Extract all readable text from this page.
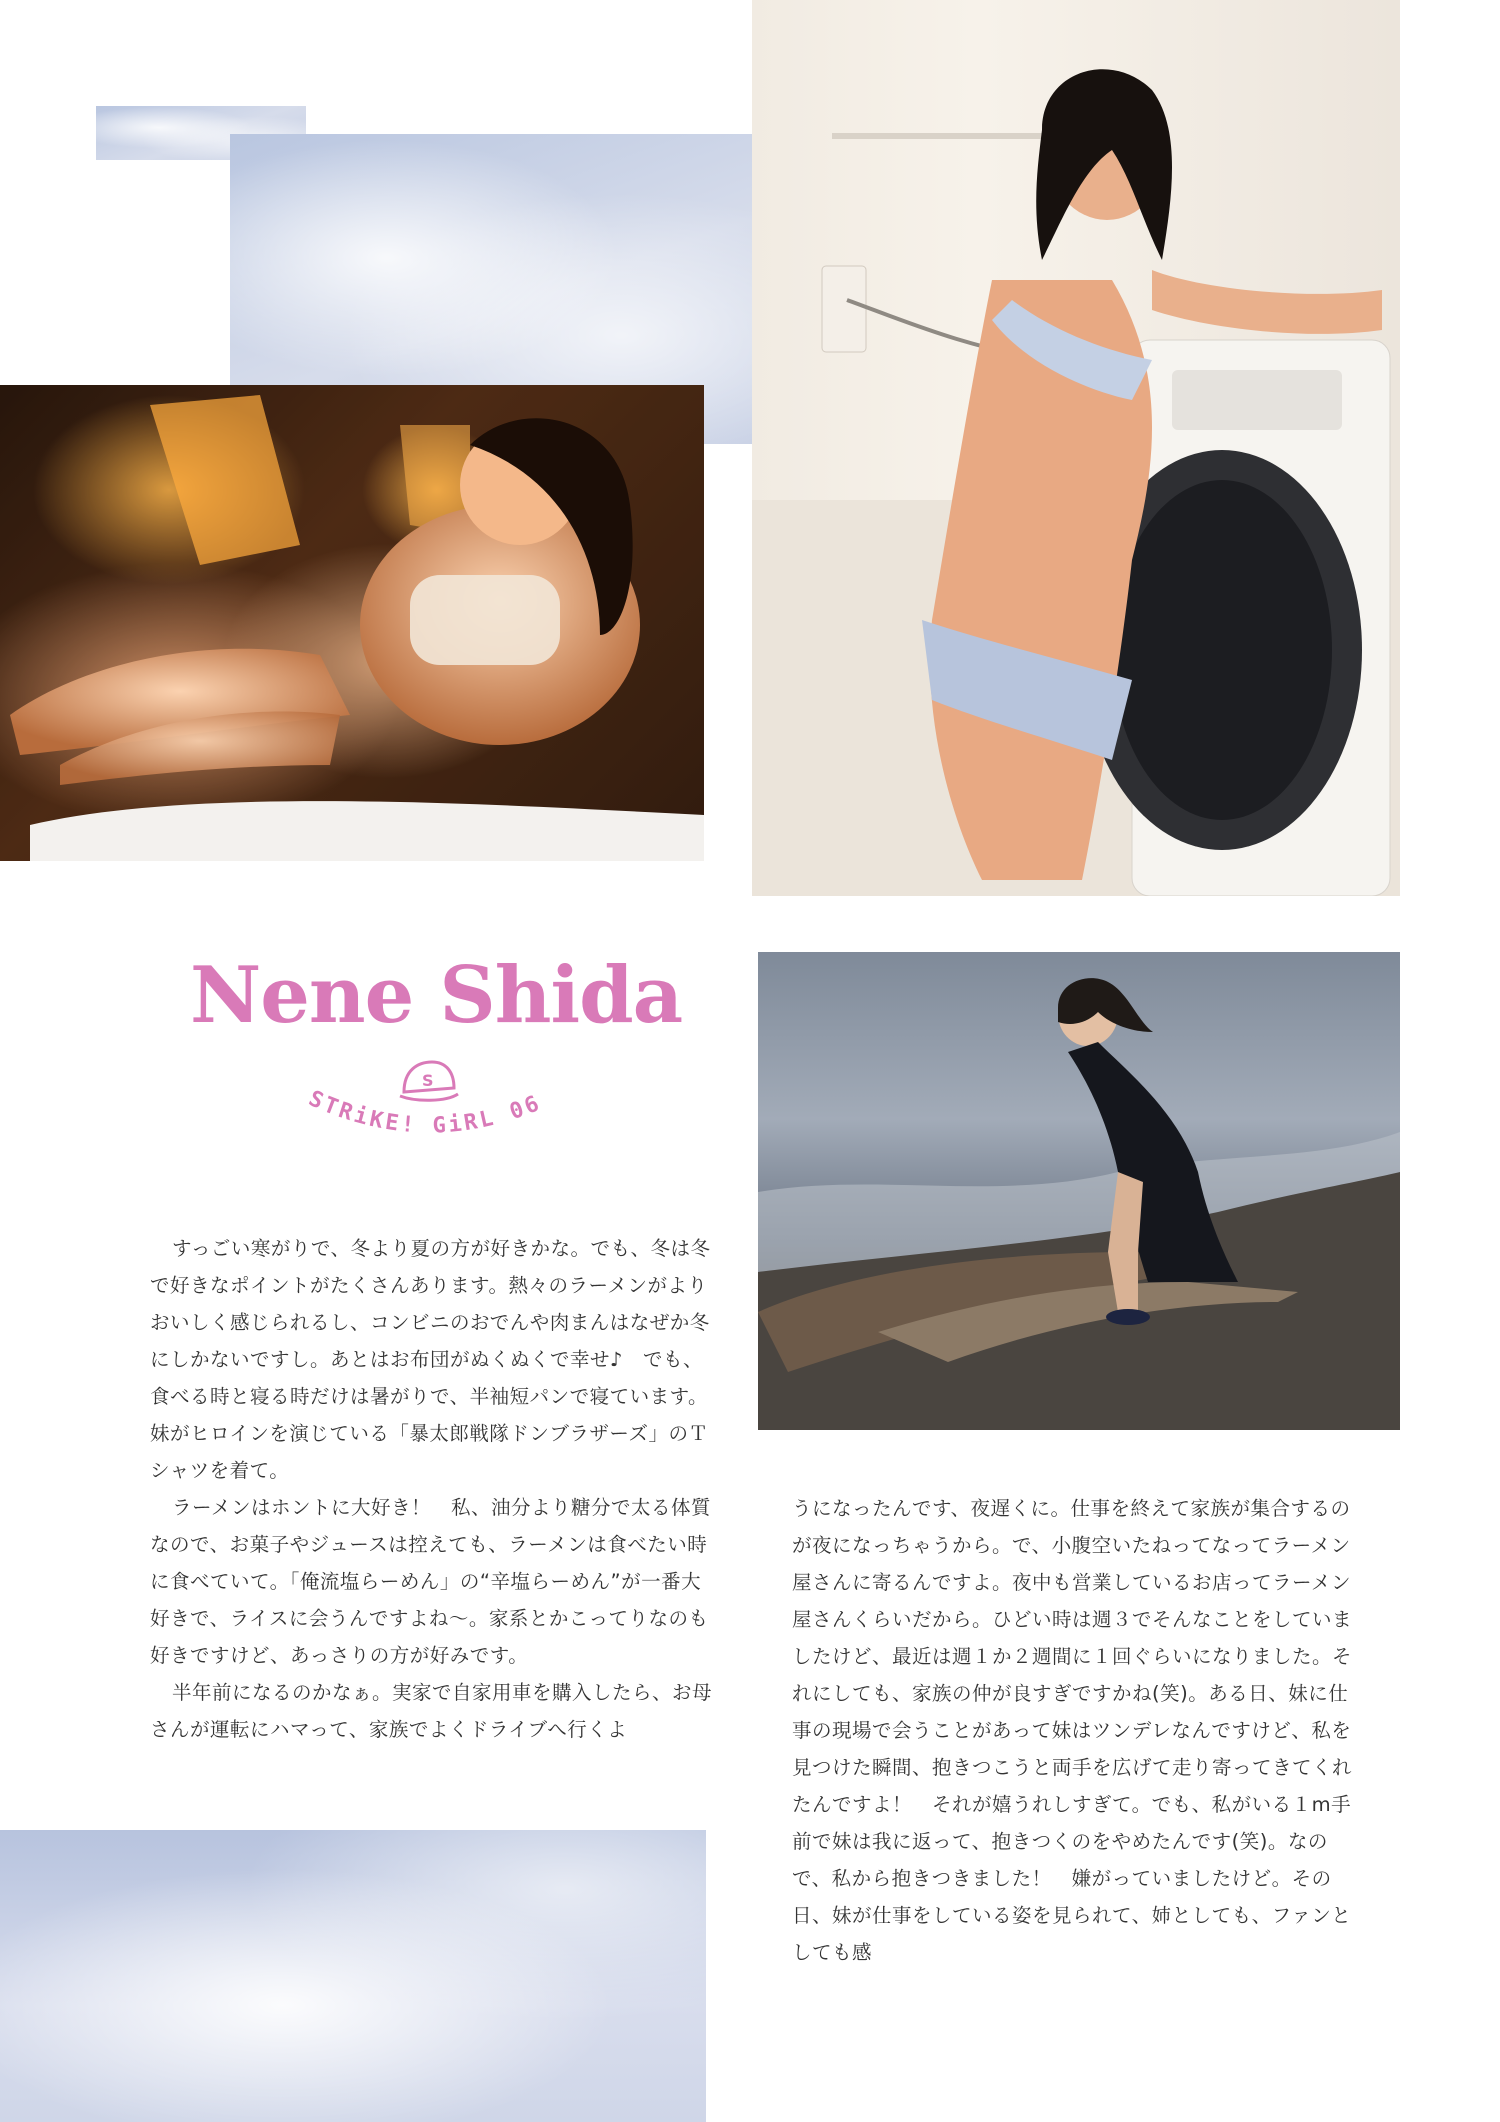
Nene Shida
S
STRiKE! GiRL 06

すっごい寒がりで、冬より夏の方が好きかな。でも、冬は冬で好きなポイントがたくさんあります。熱々のラーメンがよりおいしく感じられるし、コンビニのおでんや肉まんはなぜか冬にしかないですし。あとはお布団がぬくぬくで幸せ♪　でも、食べる時と寝る時だけは暑がりで、半袖短パンで寝ています。妹がヒロインを演じている「暴太郎戦隊ドンブラザーズ」のＴシャツを着て。

ラーメンはホントに大好き！　私、油分より糖分で太る体質なので、お菓子やジュースは控えても、ラーメンは食べたい時に食べていて。「俺流塩らーめん」の“辛塩らーめん”が一番大好きで、ライスに会うんですよね～。家系とかこってりなのも好きですけど、あっさりの方が好みです。

半年前になるのかなぁ。実家で自家用車を購入したら、お母さんが運転にハマって、家族でよくドライブへ行くよ

うになったんです、夜遅くに。仕事を終えて家族が集合するのが夜になっちゃうから。で、小腹空いたねってなってラーメン屋さんに寄るんですよ。夜中も営業しているお店ってラーメン屋さんくらいだから。ひどい時は週３でそんなことをしていましたけど、最近は週１か２週間に１回ぐらいになりました。それにしても、家族の仲が良すぎですかね(笑)。ある日、妹に仕事の現場で会うことがあって妹はツンデレなんですけど、私を見つけた瞬間、抱きつこうと両手を広げて走り寄ってきてくれたんですよ！　それが嬉うれしすぎて。でも、私がいる１m手前で妹は我に返って、抱きつくのをやめたんです(笑)。なので、私から抱きつきました！　嫌がっていましたけど。その日、妹が仕事をしている姿を見られて、姉としても、ファンとしても感
